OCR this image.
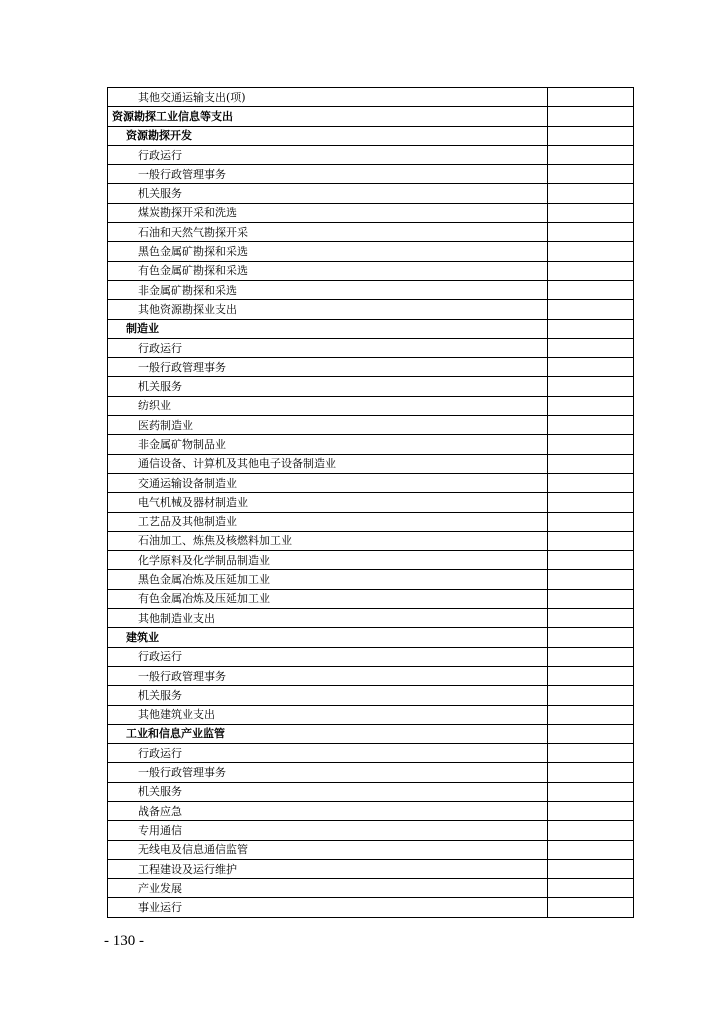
其他交通运输支出(项)	
资源勘探工业信息等支出	
资源勘探开发	
行政运行	
一般行政管理事务	
机关服务	
煤炭勘探开采和洗选	
石油和天然气勘探开采	
黑色金属矿勘探和采选	
有色金属矿勘探和采选	
非金属矿勘探和采选	
其他资源勘探业支出	
制造业	
行政运行	
一般行政管理事务	
机关服务	
纺织业	
医药制造业	
非金属矿物制品业	
通信设备、计算机及其他电子设备制造业	
交通运输设备制造业	
电气机械及器材制造业	
工艺品及其他制造业	
石油加工、炼焦及核燃料加工业	
化学原料及化学制品制造业	
黑色金属冶炼及压延加工业	
有色金属冶炼及压延加工业	
其他制造业支出	
建筑业	
行政运行	
一般行政管理事务	
机关服务	
其他建筑业支出	
工业和信息产业监管	
行政运行	
一般行政管理事务	
机关服务	
战备应急	
专用通信	
无线电及信息通信监管	
工程建设及运行维护	
产业发展	
事业运行	
- 130 -
